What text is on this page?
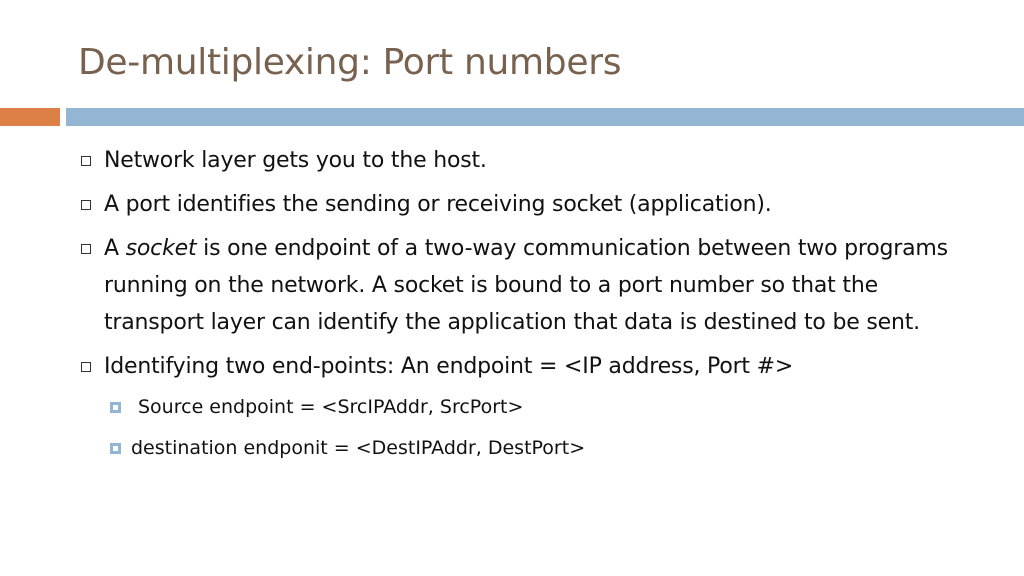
De-multiplexing: Port numbers
Network layer gets you to the host.
A port identifies the sending or receiving socket (application).
A socket is one endpoint of a two-way communication between two programs running on the network. A socket is bound to a port number so that the transport layer can identify the application that data is destined to be sent.
Identifying two end-points: An endpoint = <IP address, Port #>
Source endpoint = <SrcIPAddr, SrcPort>
destination endponit = <DestIPAddr, DestPort>
